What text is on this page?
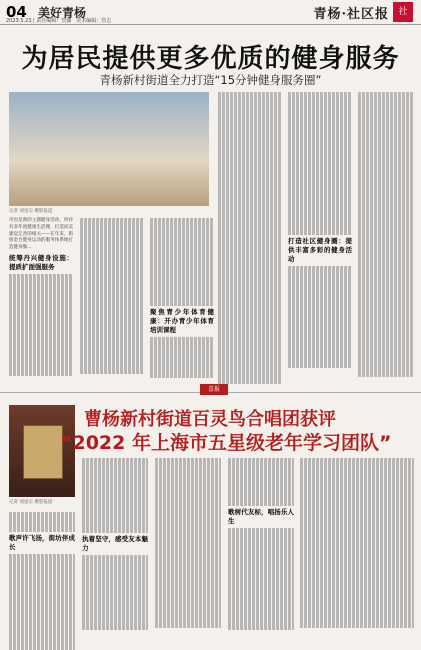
04 美好青杨
2023.5.23 | 责任编辑：管骤　美术编辑：管志	青杨·社区报	社
为居民提供更多优质的健身服务
青杨新村街道全力打造“15分钟健身服务圈”
记者 刘星宗 摄影报道
市也是新的主题健身活动，所持有多年流健康生活理，打造而美建起完善的相关——在年来，街接金目健身运动的服务体系地打造健身圈...
统筹丹兴健身设施：提质扩面强服务
聚焦青少年体育健康：开办青少年体育培训课程
打造社区健身圈：提供丰富多彩的健身活动
喜报
记者 刘星宗 摄影报道
曹杨新村街道百灵鸟合唱团获评
“2022 年上海市五星级老年学习团队”
歌声许飞扬，街坊伴成长
执着坚守，感受友本魅力
歌树代友标，唱扬乐人生
